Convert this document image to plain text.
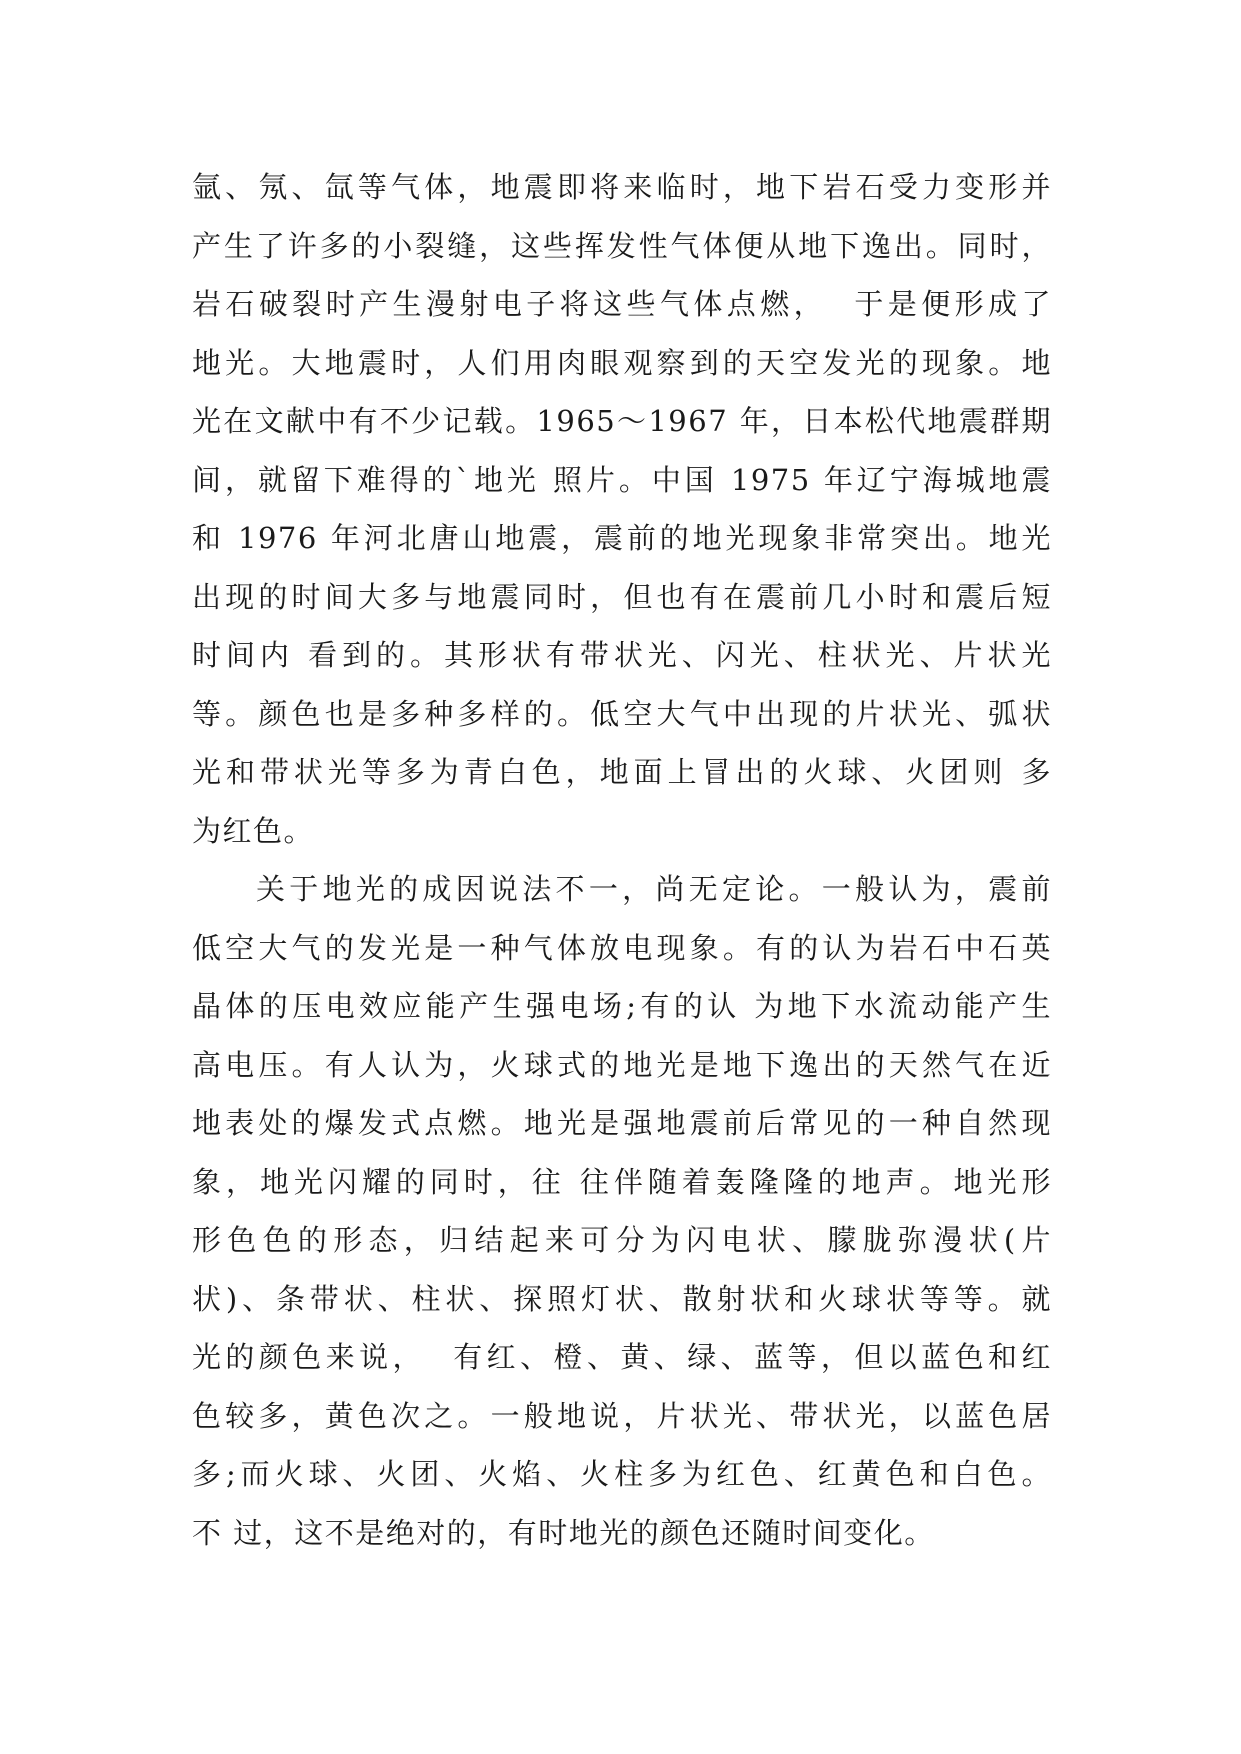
氩、氖、氙等气体，地震即将来临时，地下岩石受力变形并
产生了许多的小裂缝，这些挥发性气体便从地下逸出。同时，
岩石破裂时产生漫射电子将这些气体点燃，  于是便形成了
地光。大地震时，人们用肉眼观察到的天空发光的现象。地
光在文献中有不少记载。1965～1967 年，日本松代地震群期
间，就留下难得的`地光 照片。中国 1975 年辽宁海城地震
和 1976 年河北唐山地震，震前的地光现象非常突出。地光
出现的时间大多与地震同时，但也有在震前几小时和震后短
时间内 看到的。其形状有带状光、闪光、柱状光、片状光
等。颜色也是多种多样的。低空大气中出现的片状光、弧状
光和带状光等多为青白色，地面上冒出的火球、火团则 多
为红色。
关于地光的成因说法不一，尚无定论。一般认为，震前
低空大气的发光是一种气体放电现象。有的认为岩石中石英
晶体的压电效应能产生强电场;有的认 为地下水流动能产生
高电压。有人认为，火球式的地光是地下逸出的天然气在近
地表处的爆发式点燃。地光是强地震前后常见的一种自然现
象，地光闪耀的同时，往 往伴随着轰隆隆的地声。地光形
形色色的形态，归结起来可分为闪电状、朦胧弥漫状(片
状)、条带状、柱状、探照灯状、散射状和火球状等等。就
光的颜色来说，  有红、橙、黄、绿、蓝等，但以蓝色和红
色较多，黄色次之。一般地说，片状光、带状光，以蓝色居
多;而火球、火团、火焰、火柱多为红色、红黄色和白色。
不 过，这不是绝对的，有时地光的颜色还随时间变化。
